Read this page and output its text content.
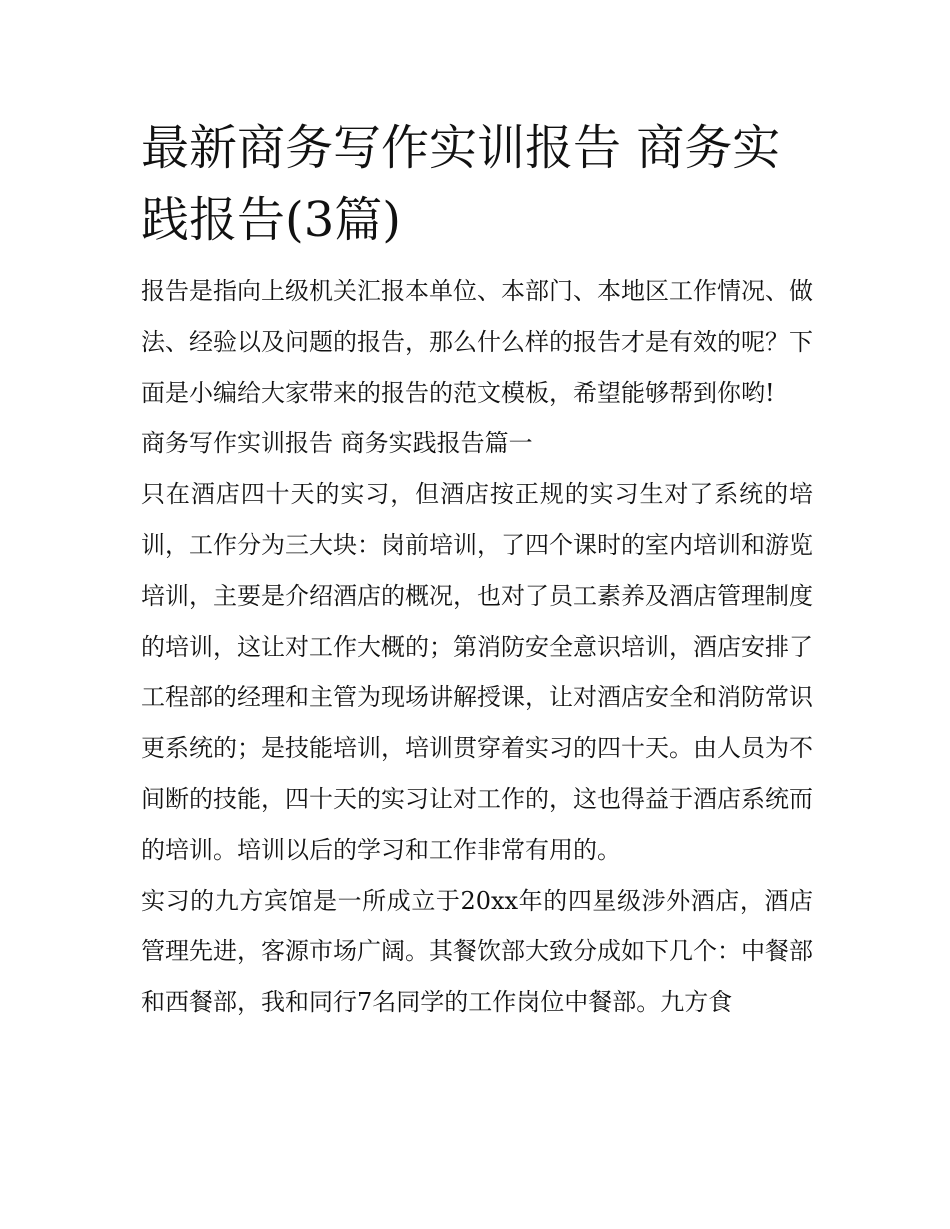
最新商务写作实训报告 商务实践报告(3篇)

报告是指向上级机关汇报本单位、本部门、本地区工作情况、做法、经验以及问题的报告，那么什么样的报告才是有效的呢？下面是小编给大家带来的报告的范文模板，希望能够帮到你哟!

商务写作实训报告 商务实践报告篇一

只在酒店四十天的实习，但酒店按正规的实习生对了系统的培训，工作分为三大块：岗前培训，了四个课时的室内培训和游览培训，主要是介绍酒店的概况，也对了员工素养及酒店管理制度的培训，这让对工作大概的；第消防安全意识培训，酒店安排了工程部的经理和主管为现场讲解授课，让对酒店安全和消防常识更系统的；是技能培训，培训贯穿着实习的四十天。由人员为不间断的技能，四十天的实习让对工作的，这也得益于酒店系统而的培训。培训以后的学习和工作非常有用的。

实习的九方宾馆是一所成立于20xx年的四星级涉外酒店，酒店管理先进，客源市场广阔。其餐饮部大致分成如下几个：中餐部和西餐部，我和同行7名同学的工作岗位中餐部。九方食
